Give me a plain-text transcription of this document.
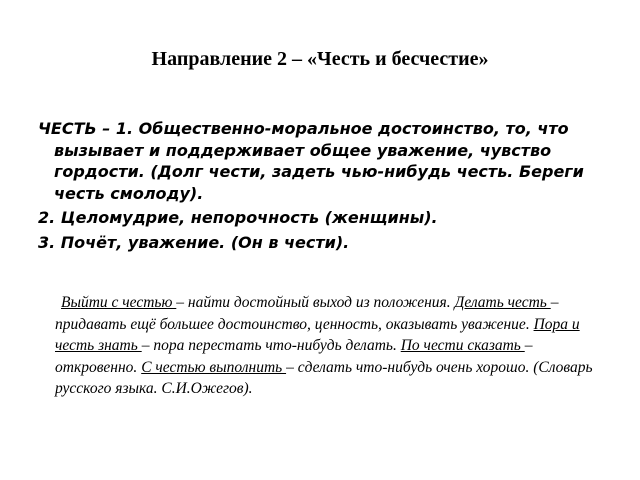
Направление 2 – «Честь и бесчестие»
ЧЕСТЬ – 1. Общественно-моральное достоинство, то, что вызывает и поддерживает общее уважение, чувство гордости. (Долг чести, задеть чью-нибудь честь. Береги честь смолоду).
2. Целомудрие, непорочность (женщины).
3. Почёт, уважение. (Он в чести).

Выйти с честью – найти достойный выход из положения. Делать честь – придавать ещё большее достоинство, ценность, оказывать уважение. Пора и честь знать – пора перестать что-нибудь делать. По чести сказать – откровенно. С честью выполнить – сделать что-нибудь очень хорошо. (Словарь русского языка. С.И.Ожегов).
